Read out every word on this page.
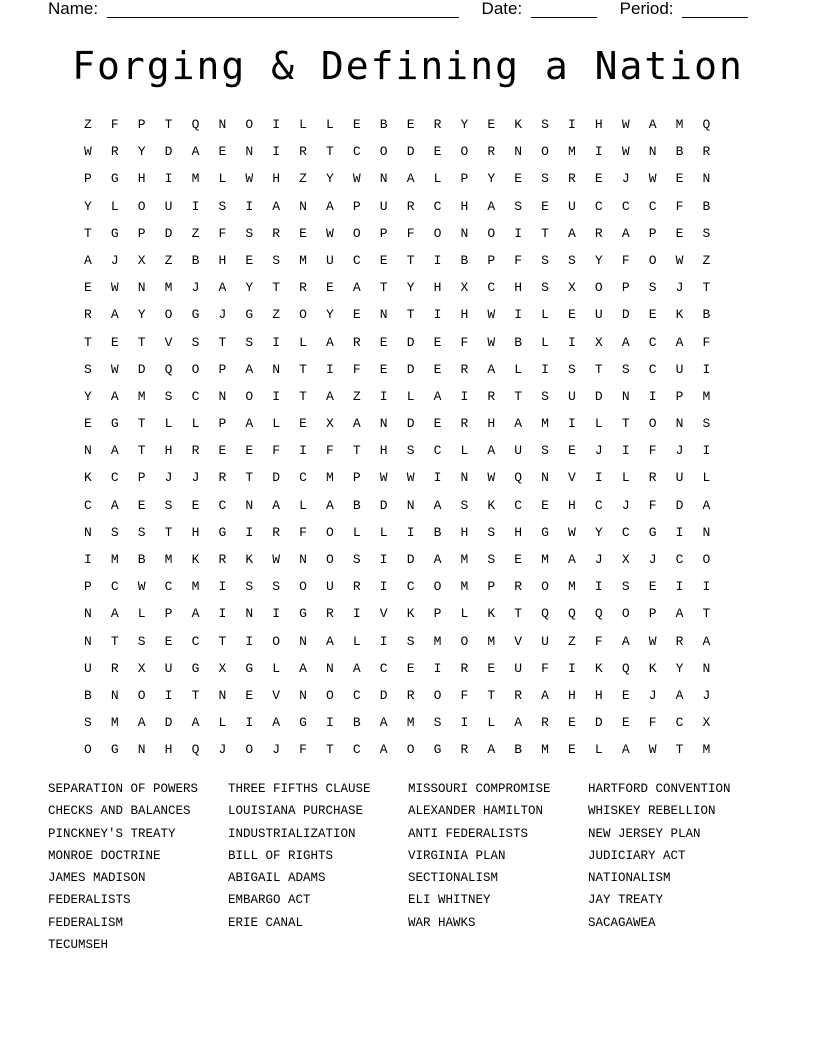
Name:	Date:	Period:
Forging & Defining a Nation
Z F P T Q N O I L L E B E R Y E K S I H W A M Q
W R Y D A E N I R T C O D E O R N O M I W N B R
P G H I M L W H Z Y W N A L P Y E S R E J W E N
Y L O U I S I A N A P U R C H A S E U C C C F B
T G P D Z F S R E W O P F O N O I T A R A P E S
A J X Z B H E S M U C E T I B P F S S Y F O W Z
E W N M J A Y T R E A T Y H X C H S X O P S J T
R A Y O G J G Z O Y E N T I H W I L E U D E K B
T E T V S T S I L A R E D E F W B L I X A C A F
S W D Q O P A N T I F E D E R A L I S T S C U I
Y A M S C N O I T A Z I L A I R T S U D N I P M
E G T L L P A L E X A N D E R H A M I L T O N S
N A T H R E E F I F T H S C L A U S E J I F J I
K C P J J R T D C M P W W I N W Q N V I L R U L
C A E S E C N A L A B D N A S K C E H C J F D A
N S S T H G I R F O L L I B H S H G W Y C G I N
I M B M K R K W N O S I D A M S E M A J X J C O
P C W C M I S S O U R I C O M P R O M I S E I I
N A L P A I N I G R I V K P L K T Q Q Q O P A T
N T S E C T I O N A L I S M O M V U Z F A W R A
U R X U G X G L A N A C E I R E U F I K Q K Y N
B N O I T N E V N O C D R O F T R A H H E J A J
S M A D A L I A G I B A M S I L A R E D E F C X
O G N H Q J O J F T C A O G R A B M E L A W T M
SEPARATION OF POWERS
CHECKS AND BALANCES
PINCKNEY'S TREATY
MONROE DOCTRINE
JAMES MADISON
FEDERALISTS
FEDERALISM
TECUMSEH
THREE FIFTHS CLAUSE
LOUISIANA PURCHASE
INDUSTRIALIZATION
BILL OF RIGHTS
ABIGAIL ADAMS
EMBARGO ACT
ERIE CANAL
MISSOURI COMPROMISE
ALEXANDER HAMILTON
ANTI FEDERALISTS
VIRGINIA PLAN
SECTIONALISM
ELI WHITNEY
WAR HAWKS
HARTFORD CONVENTION
WHISKEY REBELLION
NEW JERSEY PLAN
JUDICIARY ACT
NATIONALISM
JAY TREATY
SACAGAWEA
